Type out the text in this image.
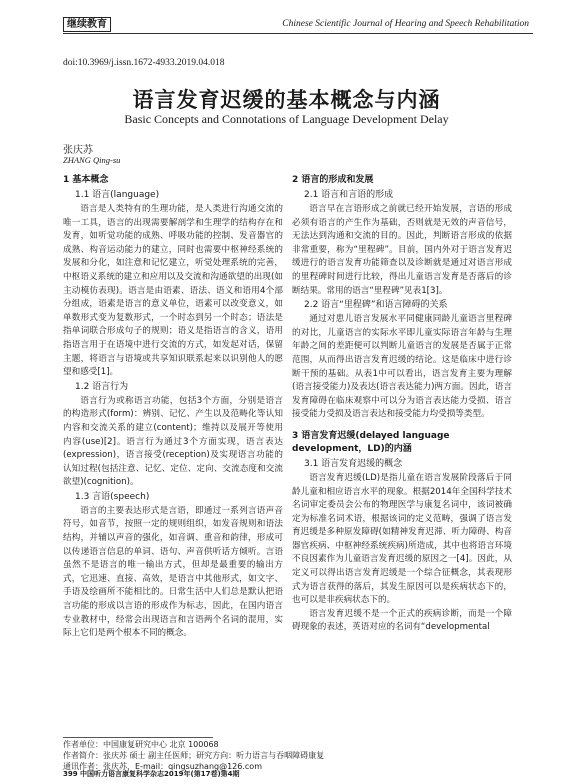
继续教育	Chinese Scientific Journal of Hearing and Speech Rehabilitation
doi:10.3969/j.issn.1672-4933.2019.04.018
语言发育迟缓的基本概念与内涵
Basic Concepts and Connotations of Language Development Delay
张庆苏
ZHANG Qing-su
1 基本概念
1.1 语言(language)

语言是人类特有的生理功能，是人类进行沟通交流的唯一工具，语言的出现需要解剖学和生理学的结构存在和发育，如听觉功能的成熟、呼吸功能的控制、发音器官的成熟、构音运动能力的建立，同时也需要中枢神经系统的发展和分化，如注意和记忆建立，听觉处理系统的完善，中枢语义系统的建立和应用以及交流和沟通欲望的出现(如主动模仿表现)。语言是由语素、语法、语义和语用4个部分组成，语素是语言的意义单位，语素可以改变意义，如单数形式变为复数形式，一个时态到另一个时态；语法是指单词联合形成句子的规则；语义是指语言的含义，语用指语言用于在语境中进行交流的方式，如发起对话，保留主题，将语言与语境或共享知识联系起来以识别他人的愿望和感受[1]。

1.2 语言行为

语言行为或称语言功能，包括3个方面，分别是语言的构造形式(form)：辨别、记忆、产生以及范畴化等认知内容和交流关系的建立(content)；维持以及展开等使用内容(use)[2]。语言行为通过3个方面实现，语言表达(expression)，语言接受(reception)及实现语言功能的认知过程(包括注意、记忆、定位、定向、交流态度和交流欲望)(cognition)。

1.3 言语(speech)

语言的主要表达形式是言语，即通过一系列言语声音符号，如音节，按照一定的规则组织，如发音规则和语法结构，并辅以声音的强化，如音调、重音和韵律，形成可以传递语言信息的单词、语句、声音供听话方倾听。言语虽然不是语言的唯一输出方式，但却是最重要的输出方式，它迅速、直接、高效，是语言中其他形式，如文字、手语及绘画所不能相比的。日常生活中人们总是默认把语言功能的形成以言语的形成作为标志，因此，在国内语言专业教材中，经常会出现语言和言语两个名词的混用，实际上它们是两个根本不同的概念。

2 语言的形成和发展
2.1 语言和言语的形成

语言早在言语形成之前就已经开始发展，言语的形成必须有语言的产生作为基础，否则就是无效的声音信号，无法达到沟通和交流的目的。因此，判断语言形成的依据非常重要，称为“里程碑”。目前，国内外对于语言发育迟缓进行的语言发育功能筛查以及诊断就是通过对语言形成的里程碑时间进行比较，得出儿童语言发育是否落后的诊断结果。常用的语言“里程碑”见表1[3]。

2.2 语言“里程碑”和语言障碍的关系

通过对患儿语言发展水平同健康同龄儿童语言里程碑的对比，儿童语言的实际水平即儿童实际语言年龄与生理年龄之间的差距便可以判断儿童语言的发展是否属于正常范围，从而得出语言发育迟缓的结论。这是临床中进行诊断干预的基础。从表1中可以看出，语言发育主要为理解(语言接受能力)及表达(语言表达能力)两方面。因此，语言发育障碍在临床观察中可以分为语言表达能力受损、语言接受能力受损及语言表达和接受能力均受损等类型。

3 语言发育迟缓(delayed language development，LD)的内涵
3.1 语言发育迟缓的概念

语言发育迟缓(LD)是指儿童在语言发展阶段落后于同龄儿童和相应语言水平的现象。根据2014年全国科学技术名词审定委员会公布的物理医学与康复名词中，该词被确定为标准名词术语，根据该词的定义范畴，强调了语言发育迟缓是多种原发障碍(如精神发育迟滞、听力障碍、构音器官疾病、中枢神经系统疾病)所造成，其中也将语言环境不良因素作为儿童语言发育迟缓的原因之一[4]。因此，从定义可以得出语言发育迟缓是一个综合征概念，其表现形式为语言获得的落后，其发生原因可以是疾病状态下的，也可以是非疾病状态下的。

语言发育迟缓不是一个正式的疾病诊断，而是一个障碍现象的表述，英语对应的名词有“developmental

作者单位：中国康复研究中心 北京 100068
作者简介：张庆苏 硕士 副主任医师；研究方向：听力语言与吞咽障碍康复
通讯作者：张庆苏，E-mail：qingsuzhang@126.com
399 中国听力语言康复科学杂志2019年(第17卷)第4期
